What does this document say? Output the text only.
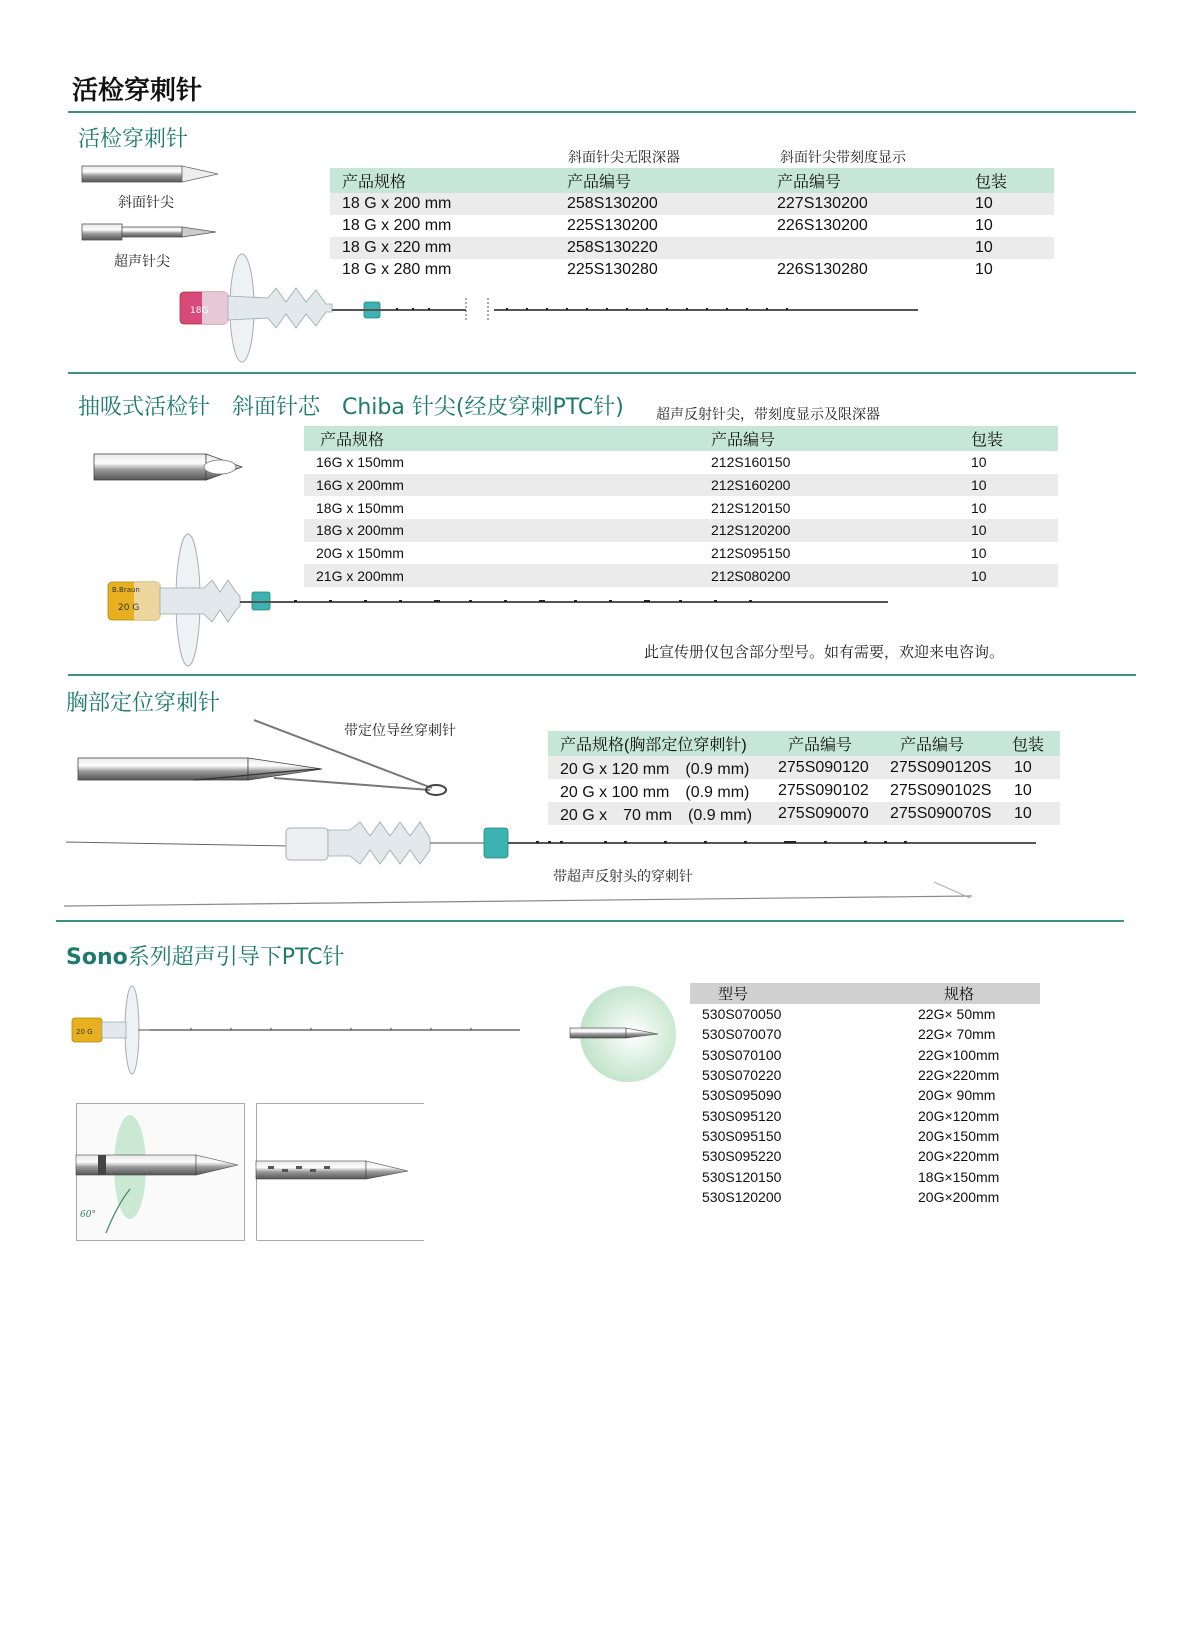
活检穿刺针
活检穿刺针
斜面针尖
超声针尖
斜面针尖无限深器	斜面针尖带刻度显示
产品规格	产品编号	产品编号	包装
18 G x 200 mm	258S130200	227S130200	10
18 G x 200 mm	225S130200	226S130200	10
18 G x 220 mm	258S130220		10
18 G x 280 mm	225S130280	226S130280	10
18G
抽吸式活检针　斜面针芯　Chiba 针尖(经皮穿刺PTC针) 超声反射针尖，带刻度显示及限深器
产品规格	产品编号	包装
16G x 150mm	212S160150	10
16G x 200mm	212S160200	10
18G x 150mm	212S120150	10
18G x 200mm	212S120200	10
20G x 150mm	212S095150	10
21G x 200mm	212S080200	10
B.Braun
20 G
此宣传册仅包含部分型号。如有需要，欢迎来电咨询。
胸部定位穿刺针
带定位导丝穿刺针
产品规格(胸部定位穿刺针)	产品编号	产品编号	包装
20 G x 120 mm　(0.9 mm)	275S090120	275S090120S	10
20 G x 100 mm　(0.9 mm)	275S090102	275S090102S	10
20 G x　70 mm　(0.9 mm)	275S090070	275S090070S	10
带超声反射头的穿刺针
Sono系列超声引导下PTC针
20 G
60°
型号	规格
530S070050	22G× 50mm
530S070070	22G× 70mm
530S070100	22G×100mm
530S070220	22G×220mm
530S095090	20G× 90mm
530S095120	20G×120mm
530S095150	20G×150mm
530S095220	20G×220mm
530S120150	18G×150mm
530S120200	20G×200mm
